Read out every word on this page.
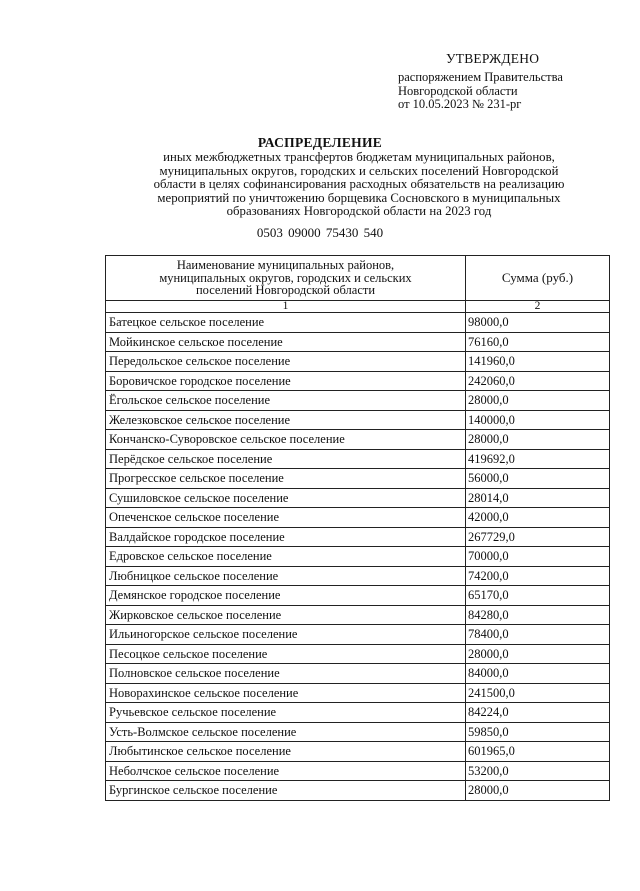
УТВЕРЖДЕНО
распоряжением Правительства
Новгородской области
от 10.05.2023 № 231-рг
РАСПРЕДЕЛЕНИЕ
иных межбюджетных трансфертов бюджетам муниципальных районов,
муниципальных округов, городских и сельских поселений Новгородской
области в целях софинансирования расходных обязательств на реализацию
мероприятий по уничтожению борщевика Сосновского в муниципальных
образованиях Новгородской области на 2023 год
0503 09000 75430 540
Наименование муниципальных районов,
муниципальных округов, городских и сельских
поселений Новгородской области	Сумма (руб.)
1	2
Батецкое сельское поселение	98000,0
Мойкинское сельское поселение	76160,0
Передольское сельское поселение	141960,0
Боровичское городское поселение	242060,0
Ёгольское сельское поселение	28000,0
Железковское сельское поселение	140000,0
Кончанско-Суворовское сельское поселение	28000,0
Перёдское сельское поселение	419692,0
Прогресское сельское поселение	56000,0
Сушиловское сельское поселение	28014,0
Опеченское сельское поселение	42000,0
Валдайское городское поселение	267729,0
Едровское сельское поселение	70000,0
Любницкое сельское поселение	74200,0
Демянское городское поселение	65170,0
Жирковское сельское поселение	84280,0
Ильиногорское сельское поселение	78400,0
Песоцкое сельское поселение	28000,0
Полновское сельское поселение	84000,0
Новорахинское сельское поселение	241500,0
Ручьевское сельское поселение	84224,0
Усть-Волмское сельское поселение	59850,0
Любытинское сельское поселение	601965,0
Неболчское сельское поселение	53200,0
Бургинское сельское поселение	28000,0
